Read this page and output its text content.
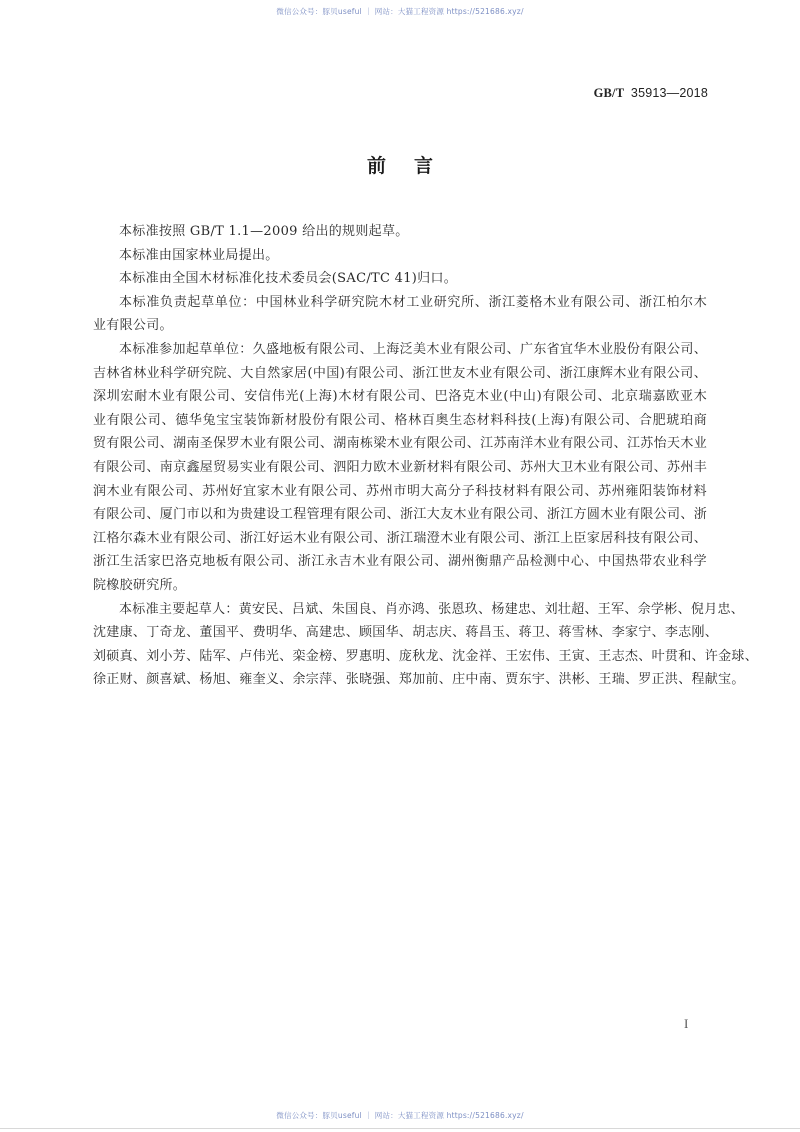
微信公众号：豚贝useful ｜ 网站：大猫工程资源 https://521686.xyz/
GB/T 35913—2018
前言
本标准按照 GB/T 1.1—2009 给出的规则起草。
本标准由国家林业局提出。
本标准由全国木材标准化技术委员会(SAC/TC 41)归口。
本标准负责起草单位：中国林业科学研究院木材工业研究所、浙江菱格木业有限公司、浙江柏尔木
业有限公司。
本标准参加起草单位：久盛地板有限公司、上海泛美木业有限公司、广东省宜华木业股份有限公司、
吉林省林业科学研究院、大自然家居(中国)有限公司、浙江世友木业有限公司、浙江康辉木业有限公司、
深圳宏耐木业有限公司、安信伟光(上海)木材有限公司、巴洛克木业(中山)有限公司、北京瑞嘉欧亚木
业有限公司、德华兔宝宝装饰新材股份有限公司、格林百奥生态材料科技(上海)有限公司、合肥琥珀商
贸有限公司、湖南圣保罗木业有限公司、湖南栋梁木业有限公司、江苏南洋木业有限公司、江苏怡天木业
有限公司、南京鑫屋贸易实业有限公司、泗阳力欧木业新材料有限公司、苏州大卫木业有限公司、苏州丰
润木业有限公司、苏州好宜家木业有限公司、苏州市明大高分子科技材料有限公司、苏州雍阳装饰材料
有限公司、厦门市以和为贵建设工程管理有限公司、浙江大友木业有限公司、浙江方圆木业有限公司、浙
江格尔森木业有限公司、浙江好运木业有限公司、浙江瑞澄木业有限公司、浙江上臣家居科技有限公司、
浙江生活家巴洛克地板有限公司、浙江永吉木业有限公司、湖州衡鼎产品检测中心、中国热带农业科学
院橡胶研究所。
本标准主要起草人：黄安民、吕斌、朱国良、肖亦鸿、张恩玖、杨建忠、刘壮超、王军、佘学彬、倪月忠、
沈建康、丁奇龙、董国平、费明华、高建忠、顾国华、胡志庆、蒋昌玉、蒋卫、蒋雪林、李家宁、李志刚、
刘硕真、刘小芳、陆军、卢伟光、栾金榜、罗惠明、庞秋龙、沈金祥、王宏伟、王寅、王志杰、叶贯和、许金球、
徐正财、颜喜斌、杨旭、雍奎义、余宗萍、张晓强、郑加前、庄中南、贾东宇、洪彬、王瑞、罗正洪、程献宝。
I
微信公众号：豚贝useful ｜ 网站：大猫工程资源 https://521686.xyz/
